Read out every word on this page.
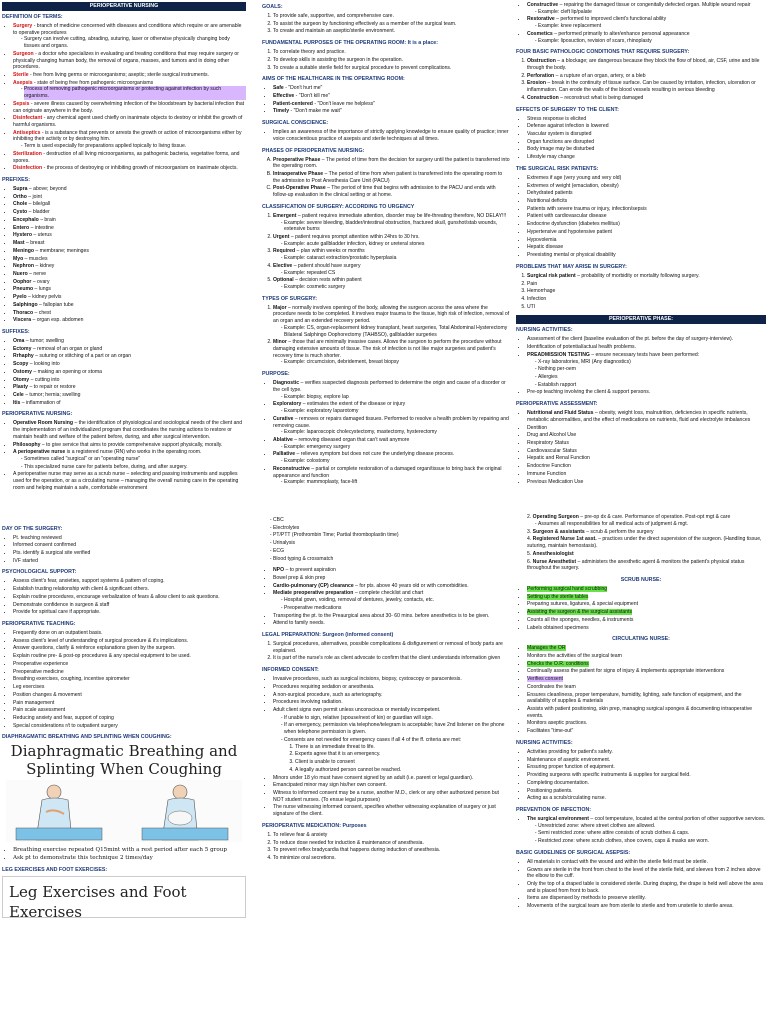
PERIOPERATIVE NURSING
DEFINITION OF TERMS:
• Surgery - branch of medicine concerned with diseases and conditions which require or are amenable to operative procedures
- Surgery can involve cutting, abrading, suturing, laser or otherwise physically changing body tissues and organs.
• Surgeon - a doctor who specializes in evaluating and treating conditions that may require surgery or physically changing human body, the removal of organs, masses, and tumors and in doing other procedures.
• Sterile - free from living germs or microorganisms; aseptic; sterile surgical instruments.
• Asepsis - state of being free from pathogenic microorganisms
- Process of removing pathogenic microorganisms or protecting against infection by such organisms.
• Sepsis - severe illness caused by overwhelming infection of the bloodstream by bacterial infection that can originate anywhere in the body.
• Disinfectant - any chemical agent used chiefly on inanimate objects to destroy or inhibit the growth of harmful organisms.
• Antiseptics - is a substance that prevents or arrests the growth or action of microorganisms either by inhibiting their activity or by destroying him.
- Term is used especially for preparations applied topically to living tissue.
• Sterilization - destruction of all living microorganisms, as pathogenic bacteria, vegetative forms, and spores.
• Disinfection - the process of destroying or inhibiting growth of microorganism on inanimate objects.
PREFIXES:
• Supra – above; beyond
• Ortho – joint
• Chole – bile/gall
• Cysto – bladder
• Encephalo – brain
• Entero – intestine
• Hystero – uterus
• Mast – breast
• Meningo – membrane; meninges
• Myo – muscles
• Nephron – kidney
• Nuero – nerve
• Oophor – ovary
• Pneumo – lungs
• Pyelo – kidney pelvis
• Salphingo – fallopian tube
• Thoraco – chest
• Viscera – organ esp. abdomen
SUFFIXES:
• Oma – tumor; swelling
• Ectomy – removal of an organ or gland
• Rrhaphy – suturing or stitching of a part or an organ
• Scopy – looking into
• Ostomy – making an opening or stoma
• Otomy – cutting into
• Plasty – to repair or restore
• Cele – tumor; hernia; swelling
• Itis – inflammation of
PERIOPERATIVE NURSING:
• Operative Room Nursing – the identification of physiological and sociological needs of the client and the implementation of an individualized program that coordinates the nursing actions to restore or maintain health and welfare of the patient before, during, and after surgical intervention.
• Philosophy – to give service that aims to provide comprehensive support physically, morally.
• A perioperative nurse is a registered nurse (RN) who works in the operating room.
- Sometimes called "surgical" or an "operating nurse"
- This specialized nurse care for patients before, during, and after surgery.
• A perioperative nurse may serve as a scrub nurse – selecting and passing instruments and supplies used for the operation, or as a circulating nurse – managing the overall nursing care in the operating room and helping maintain a safe, comfortable environment
DAY OF THE SURGERY:
• Pt. teaching reviewed
• Informed consent confirmed
• Pts. identify & surgical site verified
• IVF started
PSYCHOLOGICAL SUPPORT:
• Assess client's fear, anxieties, support systems & pattern of coping.
• Establish trusting relationship with client & significant others.
• Explain routine procedures, encourage verbalization of fears & allow client to ask questions.
• Demonstrate confidence in surgeon & staff
• Provide for spiritual care if appropriate.
PERIOPERATIVE TEACHING:
• Frequently done on an outpatient basis.
• Assess client's level of understanding of surgical procedure & it's implications.
• Answer questions, clarify & reinforce explanations given by the surgeon.
• Explain routine pre- & post-op procedures & any special equipment to be used.
• Preoperative experience
• Preoperative medicine
• Breathing exercises, coughing, incentive spirometer
• Leg exercises
• Position changes & movement
• Pain management
• Pain scale assessment
• Reducing anxiety and fear, support of coping
• Special considerations r/t to outpatient surgery
DIAPHRAGMATIC BREATHING AND SPLINTING WHEN COUGHING:
Diaphragmatic Breathing and Splinting When Coughing
• Breathing exercise repeated Q15mint with a rest period after each 5 group
• Ask pt to demonstrate this technique 2 times/day
LEG EXERCISES AND FOOT EXERCISES:
Leg Exercises and Foot Exercises
GOALS:
1. To provide safe, supportive, and comprehensive care.
2. To assist the surgeon by functioning effectively as a member of the surgical team.
3. To create and maintain an aseptic/sterile environment.
FUNDAMENTAL PURPOSES OF THE OPERATING ROOM: It is a place:
1. To correlate theory and practice.
2. To develop skills in assisting the surgeon in the operation.
3. To create a suitable sterile field for surgical procedure to prevent complications.
AIMS OF THE HEALTHCARE IN THE OPERATING ROOM:
• Safe - "Don't hurt me"
• Effective - "Don't kill me"
• Patient-centered - "Don't leave me helpless"
• Timely - "Don't make me wait"
SURGICAL CONSCIENCE:
• Implies an awareness of the importance of strictly applying knowledge to ensure quality of practice; inner voice conscientious practice of asepsis and sterile techniques at all times.
PHASES OF PERIOPERATIVE NURSING:
A. Preoperative Phase – The period of time from the decision for surgery until the patient is transferred into the operating room.
B. Intraoperative Phase – The period of time from when patient is transferred into the operating room to the admission to Post Anesthesia Care Unit (PACU)
C. Post-Operative Phase – The period of time that begins with admission to the PACU and ends with follow-up evaluation in the clinical setting or at home.
CLASSIFICATION OF SURGERY: ACCORDING TO URGENCY
1. Emergent – patient requires immediate attention, disorder may be life-threating therefore, NO DELAY!!!
- Example: severe bleeding, bladder/intestinal obstruction, fractured skull, gunshot/stab wounds, extensive burns
2. Urgent – patient requires prompt attention within 24hrs to 30 hrs.
- Example: acute gallbladder infection, kidney or ureteral stones
3. Required – plan within weeks or months
- Example: cataract extraction/prostatic hyperplasia
4. Elective – patient should have surgery
- Example: repeated CS
5. Optional – decision rests within patient
- Example: cosmetic surgery
TYPES OF SURGERY:
1. Major – normally involves opening of the body, allowing the surgeon access the area where the procedure needs to be completed. It involves major trauma to the tissue, high risk of infection, removal of an organ and an extended recovery period.
- Example: CS, organ-replacement kidney transplant, heart surgeries, Total Abdominal Hysterectomy Bilateral Salphingo Oophorectomy (TAHBSO), gallbladder surgeries
2. Minor – those that are minimally invasive cases. Allows the surgeon to perform the procedure without damaging extensive amounts of tissue. The risk of infection is not like major surgeries and patient's recovery time is much shorter.
- Example: circumcision, debridement, breast biopsy
PURPOSE:
• Diagnostic – verifies suspected diagnosis performed to determine the origin and cause of a disorder or the cell type.
- Example: biopsy, explore lap
• Exploratory – estimates the extent of the disease or injury
- Example: exploratory laparotomy
• Curative – removes or repairs damaged tissues. Performed to resolve a health problem by repairing and removing cause.
- Example: laparoscopic cholecystectomy, mastectomy, hysterectomy
• Ablative – removing diseased organ that can't wait anymore
- Example: emergency surgery
• Palliative – relieves symptom but does not cure the underlying disease process.
- Example: colostomy
• Reconstructive – partial or complete restoration of a damaged organ/tissue to bring back the original appearance and function
- Example: mammoplasty, face-lift
- CBC
- Electrolytes
- PT/PTT (Prothrombin Time; Partial thromboplastin time)
- Urinalysis
- ECG
- Blood typing & crossmatch
• NPO – to prevent aspiration
• Bowel prep & skin prep
• Cardio-pulmonary (CP) clearance – for pts. above 40 years old or with comorbidities.
• Mediate preoperative preparation – complete checklist and chart
- Hospital gown, voiding, removal of dentures, jewelry, contacts, etc.
- Preoperative medications
• Transporting the pt. to the Preaurgical area about 30- 60 mins. before anesthetics is to be given.
• Attend to family needs.
LEGAL PREPARATION: Surgeon (informed consent)
1. Surgical procedures, alternatives, possible complications & disfigurement or removal of body parts are explained.
2. It is part of the nurse's role as client advocate to confirm that the client understands information given
INFORMED CONSENT:
• Invasive procedures, such as surgical incisions, biopsy, cystoscopy or paracentesis.
• Procedures requiring sedation or anesthesia.
• A non-surgical procedure, such as arteriography.
• Procedures involving radiation.
• Adult client signs own permit unless unconscious or mentally incompetent.
- If unable to sign, relative (spouse/next of kin) or guardian will sign.
- If an emergency, permission via telephone/telegram is acceptable; have 2nd listener on the phone when telephone permission is given.
- Consents are not needed for emergency cases if all 4 of the ff. criteria are met:
1. There is an immediate threat to life.
2. Experts agree that it is an emergency.
3. Client is unable to consent
4. A legally authorized person cannot be reached.
• Minors under 18 y/o must have consent signed by an adult (i.e. parent or legal guardian).
• Emancipated minor may sign his/her own consent.
• Witness to informed consent may be a nurse, another M.D., clerk or any other authorized person but NOT student nurses. (To ensue legal purposes)
• The nurse witnessing informed consent, specifies whether witnessing explanation of surgery or just signature of the client.
PERIOPERATIVE MEDICATION: Purposes
1. To relieve fear & anxiety
2. To reduce dose needed for induction & maintenance of anesthesia.
3. To prevent reflex bradycardia that happens during induction of anesthesia.
4. To minimize oral secretions.
• Constructive – repairing the damaged tissue or congenitally defected organ. Multiple wound repair
- Example: cleft lip/palate
• Restorative – performed to improved client's functional ability
- Example: knee replacement
• Cosmetics – performed primarily to alter/enhance personal appearance
- Example: liposuction, revision of scars, rhinoplasty
FOUR BASIC PATHOLOGIC CONDITIONS THAT REQUIRE SURGERY:
1. Obstruction – a blockage; are dangerous because they block the flow of blood, air, CSF, urine and bile through the body.
2. Perforation – a rupture of an organ, artery, or a bleb
3. Erosion – break in the continuity of tissue surface. Can be caused by irritation, infection, ulceration or inflammation. Can erode the walls of the blood vessels resulting in serious bleeding
4. Construction – reconstruct what is being damaged
EFFECTS OF SURGERY TO THE CLIENT:
• Stress response is elicited
• Defense against infection is lowered
• Vascular system is disrupted
• Organ functions are disrupted
• Body image may be disturbed
• Lifestyle may change
THE SURGICAL RISK PATIENTS:
• Extremes if age (very young and very old)
• Extremes of weight (emaciation, obesity)
• Dehydrated patients
• Nutritional deficits
• Patients with severe trauma or injury, infection/sepsis
• Patient with cardiovascular disease
• Endocrine dysfunction (diabetes mellitus)
• Hypertensive and hypotensive patient
• Hypovolemia
• Hepatic disease
• Preexisting mental or physical disability
PROBLEMS THAT MAY ARISE IN SURGERY:
1. Surgical risk patient – probability of morbidity or mortality following surgery.
2. Pain
3. Hemorrhage
4. Infection
5. UTI
PERIOPERATIVE PHASE:
NURSING ACTIVITIES:
• Assessment of the client (baseline evaluation of the pt. before the day of surgery-interview).
• Identification of potential/actual health problems.
• PREADMISSION TESTING – ensure necessary tests have been performed:
- X-ray laboratories, MRI (Any diagnostics)
- Nothing per-oem
- Allergies
- Establish rapport
• Pre-op teaching involving the client & support persons.
PERIOPERATIVE ASSESSMENT:
• Nutritional and Fluid Status – obesity, weight loss, malnutrition, deficiencies in specific nutrients, metabolic abnormalities, and the effect of medications on nutrients, fluid and electrolyte imbalances
• Dentition
• Drug and Alcohol Use
• Respiratory Status
• Cardiovascular Status
• Hepatic and Renal Function
• Endocrine Function
• Immune Function
• Previous Medication Use
2. Operating Surgeon – pre-op dx & care. Performance of operation. Post-opt mgt & care
- Assumes all responsibilities for all medical acts of judgment & mgt.
3. Surgeon & assistants – scrub & perform the surgery
4. Registered Nurse 1st asst. – practices under the direct supervision of the surgeon. (Handling tissue, suturing, maintain hemostasis).
5. Anesthesiologist
6. Nurse Anesthetist – administers the anesthetic agent & monitors the patient's physical status throughout the surgery.
SCRUB NURSE:
• Performing surgical hand scrubbing
• Setting up the sterile tables
• Preparing sutures, ligatures, & special equipment
• Assisting the surgeon & the surgical assistants
• Counts all the sponges, needles, & instruments
• Labels obtained specimens
CIRCULATING NURSE:
• Manages the OR
• Monitors the activities of the surgical team
• Checks the O.R. conditions
• Continually assess the patient for signs of injury & implements appropriate interventions
• Verifies consent
• Coordinates the team
• Ensures cleanliness, proper temperature, humidity, lighting, safe function of equipment, and the availability of supplies & materials
• Assists with patient positioning, skin prep, managing surgical sponges & documenting intraoperative events.
• Monitors aseptic practices.
• Facilitates "time-out"
NURSING ACTIVITIES:
• Activities providing for patient's safety.
• Maintenance of aseptic environment.
• Ensuring proper function of equipment.
• Providing surgeons with specific instruments & supplies for surgical field.
• Completing documentation.
• Positioning patients.
• Acting as a scrub/circulating nurse.
PREVENTION OF INFECTION:
• The surgical environment – cool temperature, located at the central portion of other supportive services.
- Unrestricted zone: where street clothes are allowed.
- Semi restricted zone: where attire consists of scrub clothes & caps.
- Restricted zone: where scrub clothes, shoe covers, caps & masks are worn.
BASIC GUIDELINES OF SURGICAL ASEPSIS:
• All materials in contact with the wound and within the sterile field must be sterile.
• Gowns are sterile in the front from chest to the level of the sterile field, and sleeves from 2 inches above the elbow to the cuff.
• Only the top of a draped table is considered sterile. During draping, the drape is held well above the area and is placed from front to back.
• Items are dispensed by methods to preserve sterility.
• Movements of the surgical team are from sterile to sterile and from unsterile to sterile areas.
